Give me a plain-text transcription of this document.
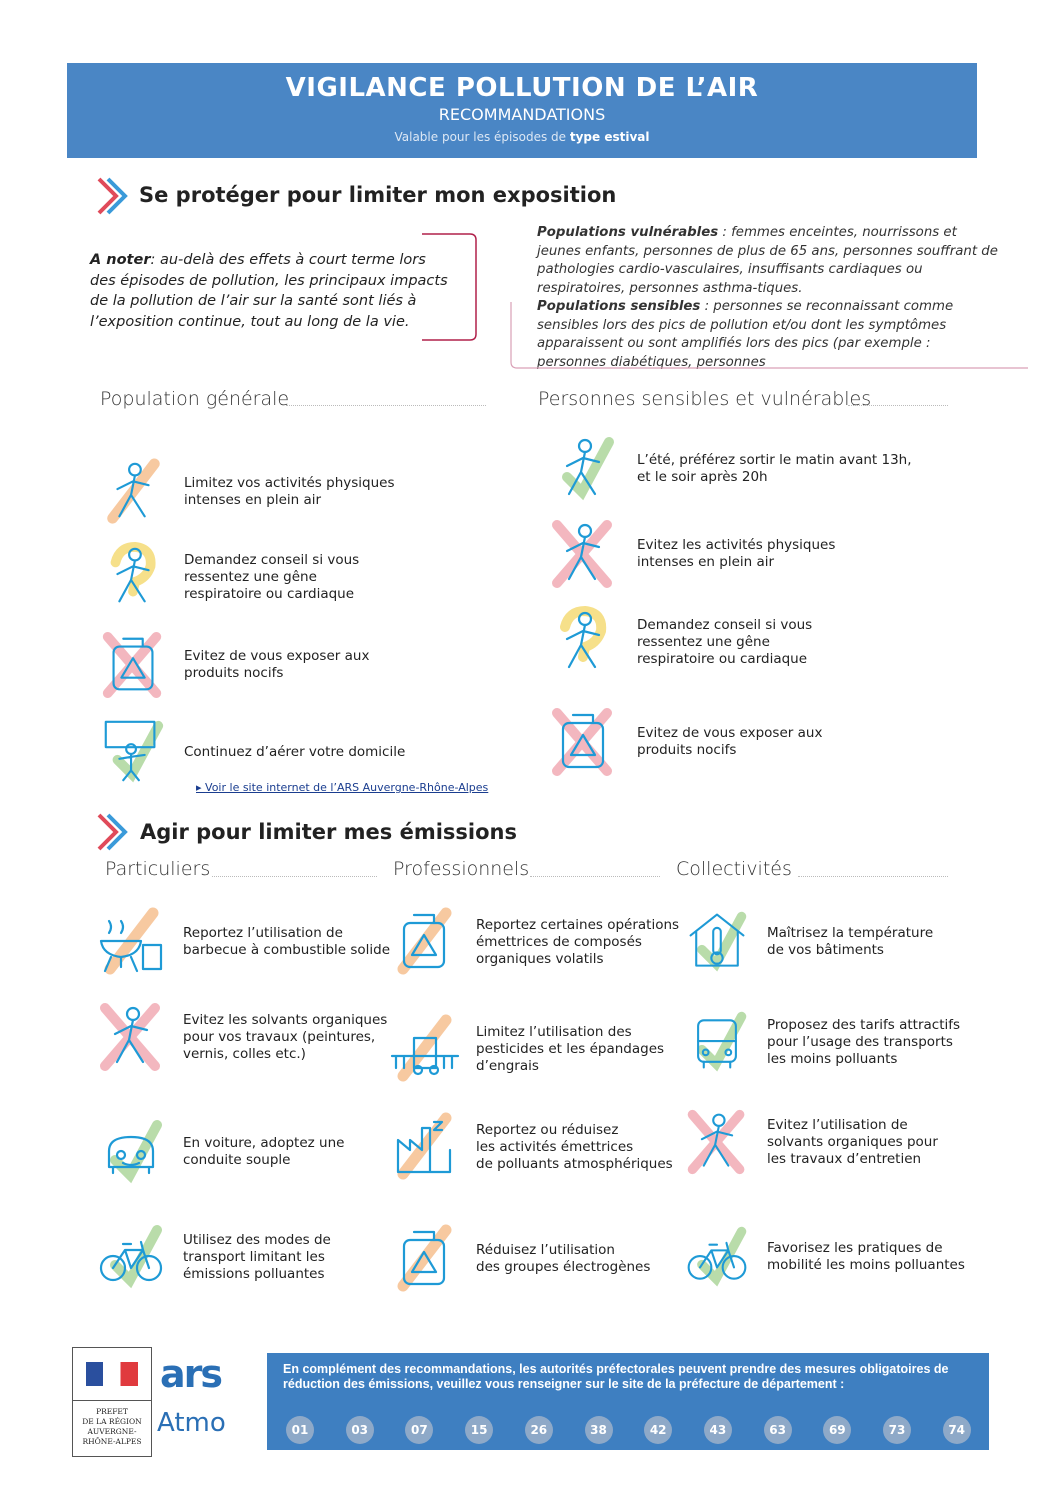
VIGILANCE POLLUTION DE L’AIR
RECOMMANDATIONS
Valable pour les épisodes de type estival
Se protéger pour limiter mon exposition
A noter: au-delà des effets à court terme lors des épisodes de pollution, les principaux impacts de la pollution de l’air sur la santé sont liés à l’exposition continue, tout au long de la vie.
Populations vulnérables : femmes enceintes, nourrissons et jeunes enfants, personnes de plus de 65 ans, personnes souffrant de pathologies cardio-vasculaires, insuffisants cardiaques ou respiratoires, personnes asthma-tiques.
Populations sensibles : personnes se reconnaissant comme sensibles lors des pics de pollution et/ou dont les symptômes apparaissent ou sont amplifiés lors des pics (par exemple : personnes diabétiques, personnes
Population générale	Personnes sensibles et vulnérables
▸ Voir le site internet de l’ARS Auvergne-Rhône-Alpes
Agir pour limiter mes émissions
Particuliers	Professionnels	Collectivités
Limitez vos activités physiques
intenses en plein air
Demandez conseil si vous
ressentez une gêne
respiratoire ou cardiaque
Evitez de vous exposer aux
produits nocifs
Continuez d’aérer votre domicile
L’été, préférez sortir le matin avant 13h,
et le soir après 20h
Evitez les activités physiques
intenses en plein air
Demandez conseil si vous
ressentez une gêne
respiratoire ou cardiaque
Evitez de vous exposer aux
produits nocifs
Reportez l’utilisation de
barbecue à combustible solide
Evitez les solvants organiques
pour vos travaux (peintures,
vernis, colles etc.)
En voiture, adoptez une
conduite souple
Utilisez des modes de
transport limitant les
émissions polluantes
Reportez certaines opérations
émettrices de composés
organiques volatils
Limitez l’utilisation des
pesticides et les épandages
d’engrais
Reportez ou réduisez
les activités émettrices
de polluants atmosphériques
Réduisez l’utilisation
des groupes électrogènes
Maîtrisez la température
de vos bâtiments
Proposez des tarifs attractifs
pour l’usage des transports
les moins polluants
Evitez l’utilisation de
solvants organiques pour
les travaux d’entretien
Favorisez les pratiques de
mobilité les moins polluantes
PREFET
DE LA RÉGION
AUVERGNE-
RHÔNE-ALPES
ars
Atmo
En complément des recommandations, les autorités préfectorales peuvent prendre des mesures obligatoires de réduction des émissions, veuillez vous renseigner sur le site de la préfecture de département :
01	03	07	15	26	38	42	43	63	69	73	74
